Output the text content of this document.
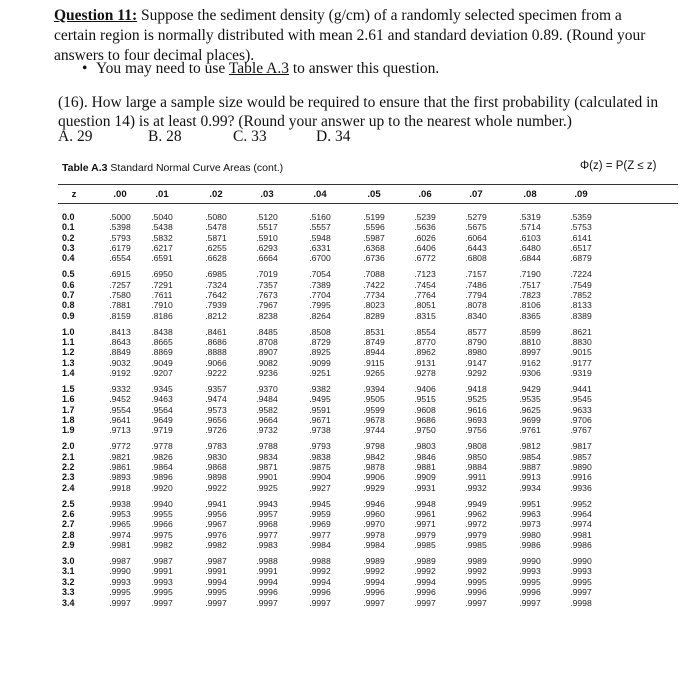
Question 11: Suppose the sediment density (g/cm) of a randomly selected specimen from a certain region is normally distributed with mean 2.61 and standard deviation 0.89. (Round your answers to four decimal places).
• You may need to use Table A.3 to answer this question.
(16). How large a sample size would be required to ensure that the first probability (calculated in question 14) is at least 0.99? (Round your answer up to the nearest whole number.)
A. 29	B. 28	C. 33	D. 34
Table A.3 Standard Normal Curve Areas (cont.)	Φ(z) = P(Z ≤ z)
z	.00	.01	.02	.03	.04	.05	.06	.07	.08	.09
0.0	.5000	.5040	.5080	.5120	.5160	.5199	.5239	.5279	.5319	.5359
0.1	.5398	.5438	.5478	.5517	.5557	.5596	.5636	.5675	.5714	.5753
0.2	.5793	.5832	.5871	.5910	.5948	.5987	.6026	.6064	.6103	.6141
0.3	.6179	.6217	.6255	.6293	.6331	.6368	.6406	.6443	.6480	.6517
0.4	.6554	.6591	.6628	.6664	.6700	.6736	.6772	.6808	.6844	.6879
0.5	.6915	.6950	.6985	.7019	.7054	.7088	.7123	.7157	.7190	.7224
0.6	.7257	.7291	.7324	.7357	.7389	.7422	.7454	.7486	.7517	.7549
0.7	.7580	.7611	.7642	.7673	.7704	.7734	.7764	.7794	.7823	.7852
0.8	.7881	.7910	.7939	.7967	.7995	.8023	.8051	.8078	.8106	.8133
0.9	.8159	.8186	.8212	.8238	.8264	.8289	.8315	.8340	.8365	.8389
1.0	.8413	.8438	.8461	.8485	.8508	.8531	.8554	.8577	.8599	.8621
1.1	.8643	.8665	.8686	.8708	.8729	.8749	.8770	.8790	.8810	.8830
1.2	.8849	.8869	.8888	.8907	.8925	.8944	.8962	.8980	.8997	.9015
1.3	.9032	.9049	.9066	.9082	.9099	.9115	.9131	.9147	.9162	.9177
1.4	.9192	.9207	.9222	.9236	.9251	.9265	.9278	.9292	.9306	.9319
1.5	.9332	.9345	.9357	.9370	.9382	.9394	.9406	.9418	.9429	.9441
1.6	.9452	.9463	.9474	.9484	.9495	.9505	.9515	.9525	.9535	.9545
1.7	.9554	.9564	.9573	.9582	.9591	.9599	.9608	.9616	.9625	.9633
1.8	.9641	.9649	.9656	.9664	.9671	.9678	.9686	.9693	.9699	.9706
1.9	.9713	.9719	.9726	.9732	.9738	.9744	.9750	.9756	.9761	.9767
2.0	.9772	.9778	.9783	.9788	.9793	.9798	.9803	.9808	.9812	.9817
2.1	.9821	.9826	.9830	.9834	.9838	.9842	.9846	.9850	.9854	.9857
2.2	.9861	.9864	.9868	.9871	.9875	.9878	.9881	.9884	.9887	.9890
2.3	.9893	.9896	.9898	.9901	.9904	.9906	.9909	.9911	.9913	.9916
2.4	.9918	.9920	.9922	.9925	.9927	.9929	.9931	.9932	.9934	.9936
2.5	.9938	.9940	.9941	.9943	.9945	.9946	.9948	.9949	.9951	.9952
2.6	.9953	.9955	.9956	.9957	.9959	.9960	.9961	.9962	.9963	.9964
2.7	.9965	.9966	.9967	.9968	.9969	.9970	.9971	.9972	.9973	.9974
2.8	.9974	.9975	.9976	.9977	.9977	.9978	.9979	.9979	.9980	.9981
2.9	.9981	.9982	.9982	.9983	.9984	.9984	.9985	.9985	.9986	.9986
3.0	.9987	.9987	.9987	.9988	.9988	.9989	.9989	.9989	.9990	.9990
3.1	.9990	.9991	.9991	.9991	.9992	.9992	.9992	.9992	.9993	.9993
3.2	.9993	.9993	.9994	.9994	.9994	.9994	.9994	.9995	.9995	.9995
3.3	.9995	.9995	.9995	.9996	.9996	.9996	.9996	.9996	.9996	.9997
3.4	.9997	.9997	.9997	.9997	.9997	.9997	.9997	.9997	.9997	.9998
